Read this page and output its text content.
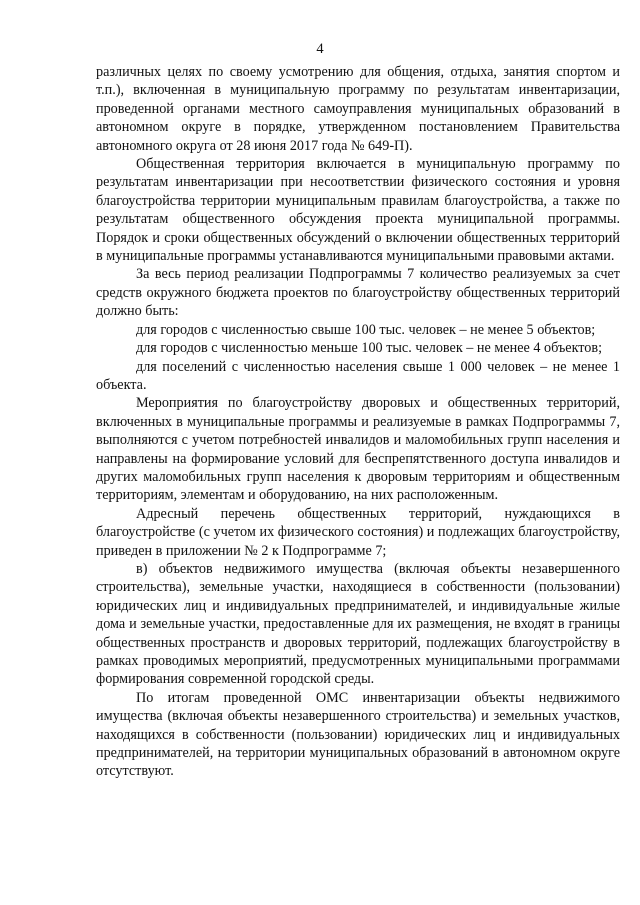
4

различных целях по своему усмотрению для общения, отдыха, занятия спортом и т.п.), включенная в муниципальную программу по результатам инвентаризации, проведенной органами местного самоуправления муниципальных образований в автономном округе в порядке, утвержденном постановлением Правительства автономного округа от 28 июня 2017 года № 649-П).

Общественная территория включается в муниципальную программу по результатам инвентаризации при несоответствии физического состояния и уровня благоустройства территории муниципальным правилам благоустройства, а также по результатам общественного обсуждения проекта муниципальной программы. Порядок и сроки общественных обсуждений о включении общественных территорий в муниципальные программы устанавливаются муниципальными правовыми актами.

За весь период реализации Подпрограммы 7 количество реализуемых за счет средств окружного бюджета проектов по благоустройству общественных территорий должно быть:

для городов с численностью свыше 100 тыс. человек – не менее 5 объектов;

для городов с численностью меньше 100 тыс. человек – не менее 4 объектов;

для поселений с численностью населения свыше 1 000 человек – не менее 1 объекта.

Мероприятия по благоустройству дворовых и общественных территорий, включенных в муниципальные программы и реализуемые в рамках Подпрограммы 7, выполняются с учетом потребностей инвалидов и маломобильных групп населения и направлены на формирование условий для беспрепятственного доступа инвалидов и других маломобильных групп населения к дворовым территориям и общественным территориям, элементам и оборудованию, на них расположенным.

Адресный перечень общественных территорий, нуждающихся в благоустройстве (с учетом их физического состояния) и подлежащих благоустройству, приведен в приложении № 2 к Подпрограмме 7;

в) объектов недвижимого имущества (включая объекты незавершенного строительства), земельные участки, находящиеся в собственности (пользовании) юридических лиц и индивидуальных предпринимателей, и индивидуальные жилые дома и земельные участки, предоставленные для их размещения, не входят в границы общественных пространств и дворовых территорий, подлежащих благоустройству в рамках проводимых мероприятий, предусмотренных муниципальными программами формирования современной городской среды.

По итогам проведенной ОМС инвентаризации объекты недвижимого имущества (включая объекты незавершенного строительства) и земельных участков, находящихся в собственности (пользовании) юридических лиц и индивидуальных предпринимателей, на территории муниципальных образований в автономном округе отсутствуют.
